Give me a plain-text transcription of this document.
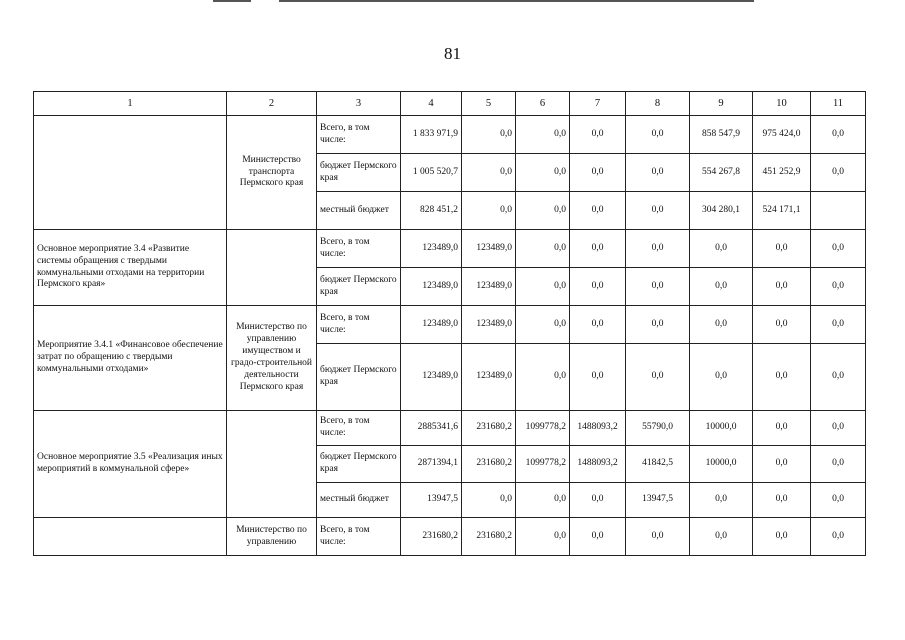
81
1	2	3	4	5	6	7	8	9	10	11
	Министерство транспорта Пермского края	Всего, в том числе:	1 833 971,9	0,0	0,0	0,0	0,0	858 547,9	975 424,0	0,0
		бюджет Пермского края	1 005 520,7	0,0	0,0	0,0	0,0	554 267,8	451 252,9	0,0
		местный бюджет	828 451,2	0,0	0,0	0,0	0,0	304 280,1	524 171,1	
Основное мероприятие 3.4 «Развитие системы обращения с твердыми коммунальными отходами на территории Пермского края»		Всего, в том числе:	123489,0	123489,0	0,0	0,0	0,0	0,0	0,0	0,0
		бюджет Пермского края	123489,0	123489,0	0,0	0,0	0,0	0,0	0,0	0,0
Мероприятие 3.4.1 «Финансовое обеспечение затрат по обращению с твердыми коммунальными отходами»	Министерство по управлению имуществом и градо-строительной деятельности Пермского края	Всего, в том числе:	123489,0	123489,0	0,0	0,0	0,0	0,0	0,0	0,0
		бюджет Пермского края	123489,0	123489,0	0,0	0,0	0,0	0,0	0,0	0,0
Основное мероприятие 3.5 «Реализация иных мероприятий в коммунальной сфере»		Всего, в том числе:	2885341,6	231680,2	1099778,2	1488093,2	55790,0	10000,0	0,0	0,0
		бюджет Пермского края	2871394,1	231680,2	1099778,2	1488093,2	41842,5	10000,0	0,0	0,0
		местный бюджет	13947,5	0,0	0,0	0,0	13947,5	0,0	0,0	0,0
	Министерство по управлению	Всего, в том числе:	231680,2	231680,2	0,0	0,0	0,0	0,0	0,0	0,0
